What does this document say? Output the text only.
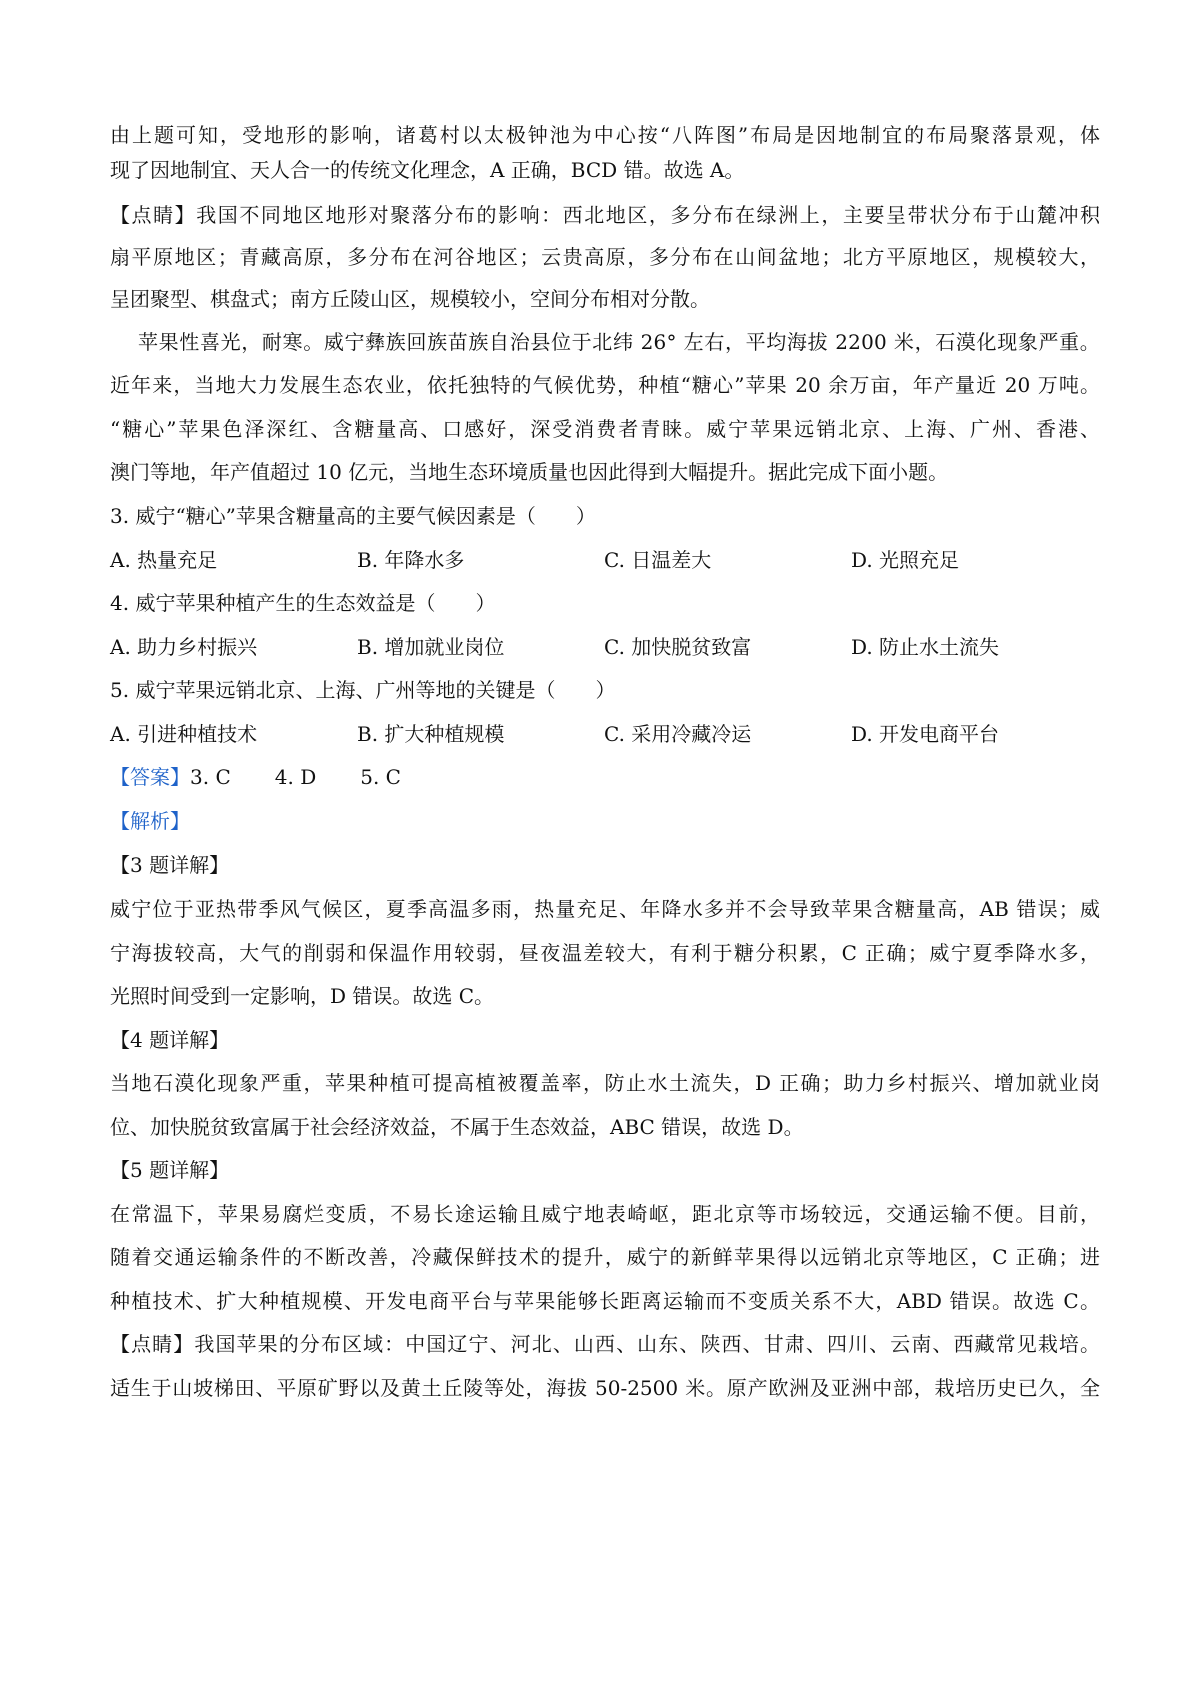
由上题可知，受地形的影响，诸葛村以太极钟池为中心按“八阵图”布局是因地制宜的布局聚落景观，体
现了因地制宜、天人合一的传统文化理念，A 正确，BCD 错。故选 A。
【点睛】我国不同地区地形对聚落分布的影响：西北地区，多分布在绿洲上，主要呈带状分布于山麓冲积
扇平原地区；青藏高原，多分布在河谷地区；云贵高原，多分布在山间盆地；北方平原地区，规模较大，
呈团聚型、棋盘式；南方丘陵山区，规模较小，空间分布相对分散。
苹果性喜光，耐寒。威宁彝族回族苗族自治县位于北纬 26° 左右，平均海拔 2200 米，石漠化现象严重。
近年来，当地大力发展生态农业，依托独特的气候优势，种植“糖心”苹果 20 余万亩，年产量近 20 万吨。
“糖心”苹果色泽深红、含糖量高、口感好，深受消费者青睐。威宁苹果远销北京、上海、广州、香港、
澳门等地，年产值超过 10 亿元，当地生态环境质量也因此得到大幅提升。据此完成下面小题。
3. 威宁“糖心”苹果含糖量高的主要气候因素是（　　）
A. 热量充足	B. 年降水多	C. 日温差大	D. 光照充足
4. 威宁苹果种植产生的生态效益是（　　）
A. 助力乡村振兴	B. 增加就业岗位	C. 加快脱贫致富	D. 防止水土流失
5. 威宁苹果远销北京、上海、广州等地的关键是（　　）
A. 引进种植技术	B. 扩大种植规模	C. 采用冷藏冷运	D. 开发电商平台
【答案】3. C 4. D 5. C
【解析】
【3 题详解】
威宁位于亚热带季风气候区，夏季高温多雨，热量充足、年降水多并不会导致苹果含糖量高，AB 错误；威
宁海拔较高，大气的削弱和保温作用较弱，昼夜温差较大，有利于糖分积累，C 正确；威宁夏季降水多，
光照时间受到一定影响，D 错误。故选 C。
【4 题详解】
当地石漠化现象严重，苹果种植可提高植被覆盖率，防止水土流失，D 正确；助力乡村振兴、增加就业岗
位、加快脱贫致富属于社会经济效益，不属于生态效益，ABC 错误，故选 D。
【5 题详解】
在常温下，苹果易腐烂变质，不易长途运输且威宁地表崎岖，距北京等市场较远，交通运输不便。目前，
随着交通运输条件的不断改善，冷藏保鲜技术的提升，威宁的新鲜苹果得以远销北京等地区，C 正确；进
种植技术、扩大种植规模、开发电商平台与苹果能够长距离运输而不变质关系不大，ABD 错误。故选 C。
【点睛】我国苹果的分布区域：中国辽宁、河北、山西、山东、陕西、甘肃、四川、云南、西藏常见栽培。
适生于山坡梯田、平原矿野以及黄土丘陵等处，海拔 50-2500 米。原产欧洲及亚洲中部，栽培历史已久，全
